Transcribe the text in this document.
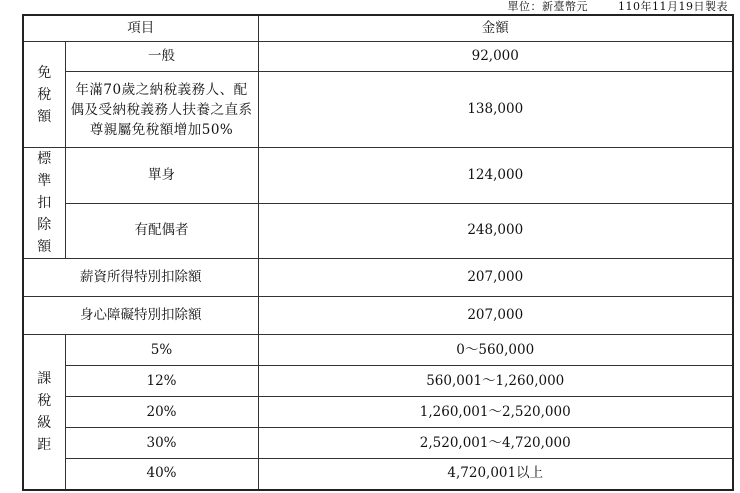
單位：新臺幣元	110年11月19日製表
項目		金額

免
稅
額	一般	92,000
	年滿70歲之納稅義務人、配偶及受納稅義務人扶養之直系尊親屬免稅額增加50%	138,000

標
準
扣
除
額	單身	124,000
	有配偶者	248,000
薪資所得特別扣除額		207,000
身心障礙特別扣除額		207,000

課
稅
級
距	5%	0～560,000
	12%	560,001～1,260,000
	20%	1,260,001～2,520,000
	30%	2,520,001～4,720,000
	40%	4,720,001以上
